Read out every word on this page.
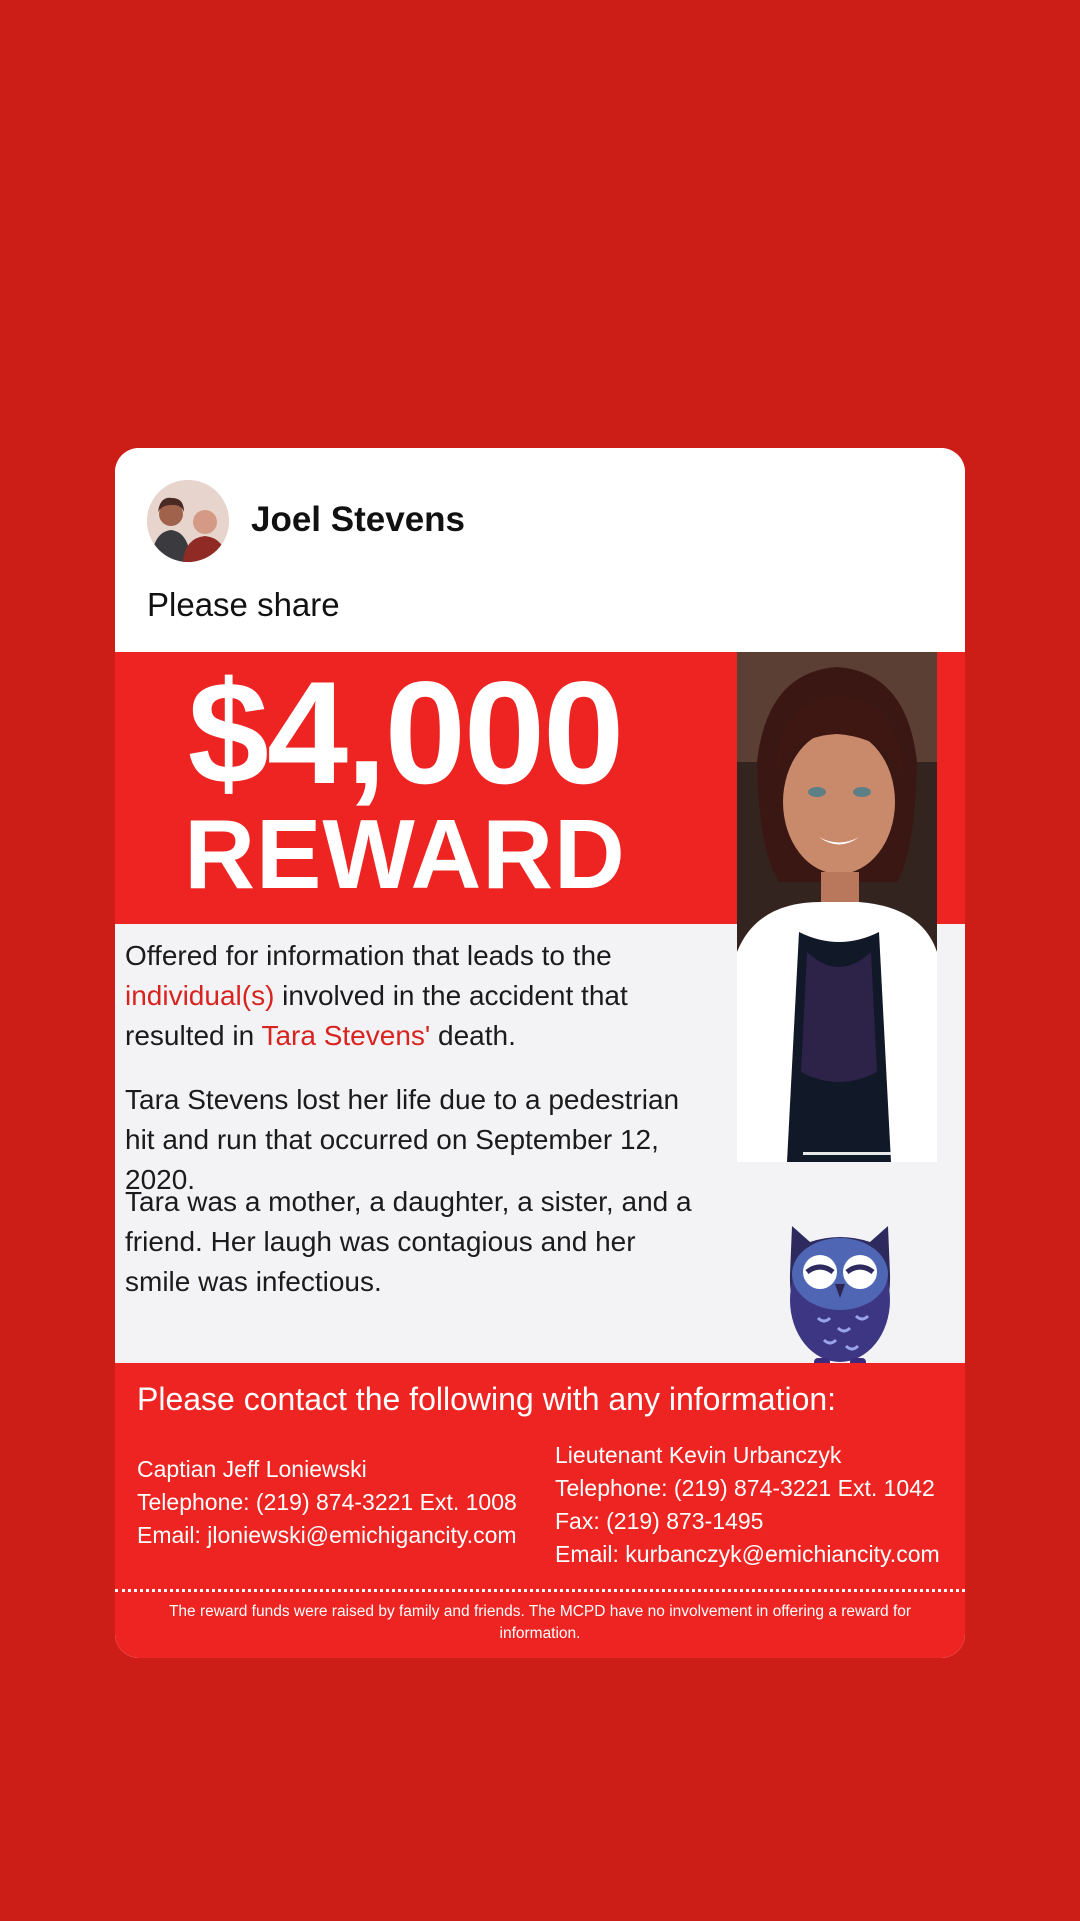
Joel Stevens
Please share
$4,000
REWARD
Offered for information that leads to the individual(s) involved in the accident that resulted in Tara Stevens' death.
Tara Stevens lost her life due to a pedestrian hit and run that occurred on September 12, 2020.
Tara was a mother, a daughter, a sister, and a friend. Her laugh was contagious and her smile was infectious.
Please contact the following with any information:
Captian Jeff Loniewski
Telephone: (219) 874-3221 Ext. 1008
Email: jloniewski@emichigancity.com
Lieutenant Kevin Urbanczyk
Telephone: (219) 874-3221 Ext. 1042
Fax: (219) 873-1495
Email: kurbanczyk@emichiancity.com
The reward funds were raised by family and friends. The MCPD have no involvement in offering a reward for information.
